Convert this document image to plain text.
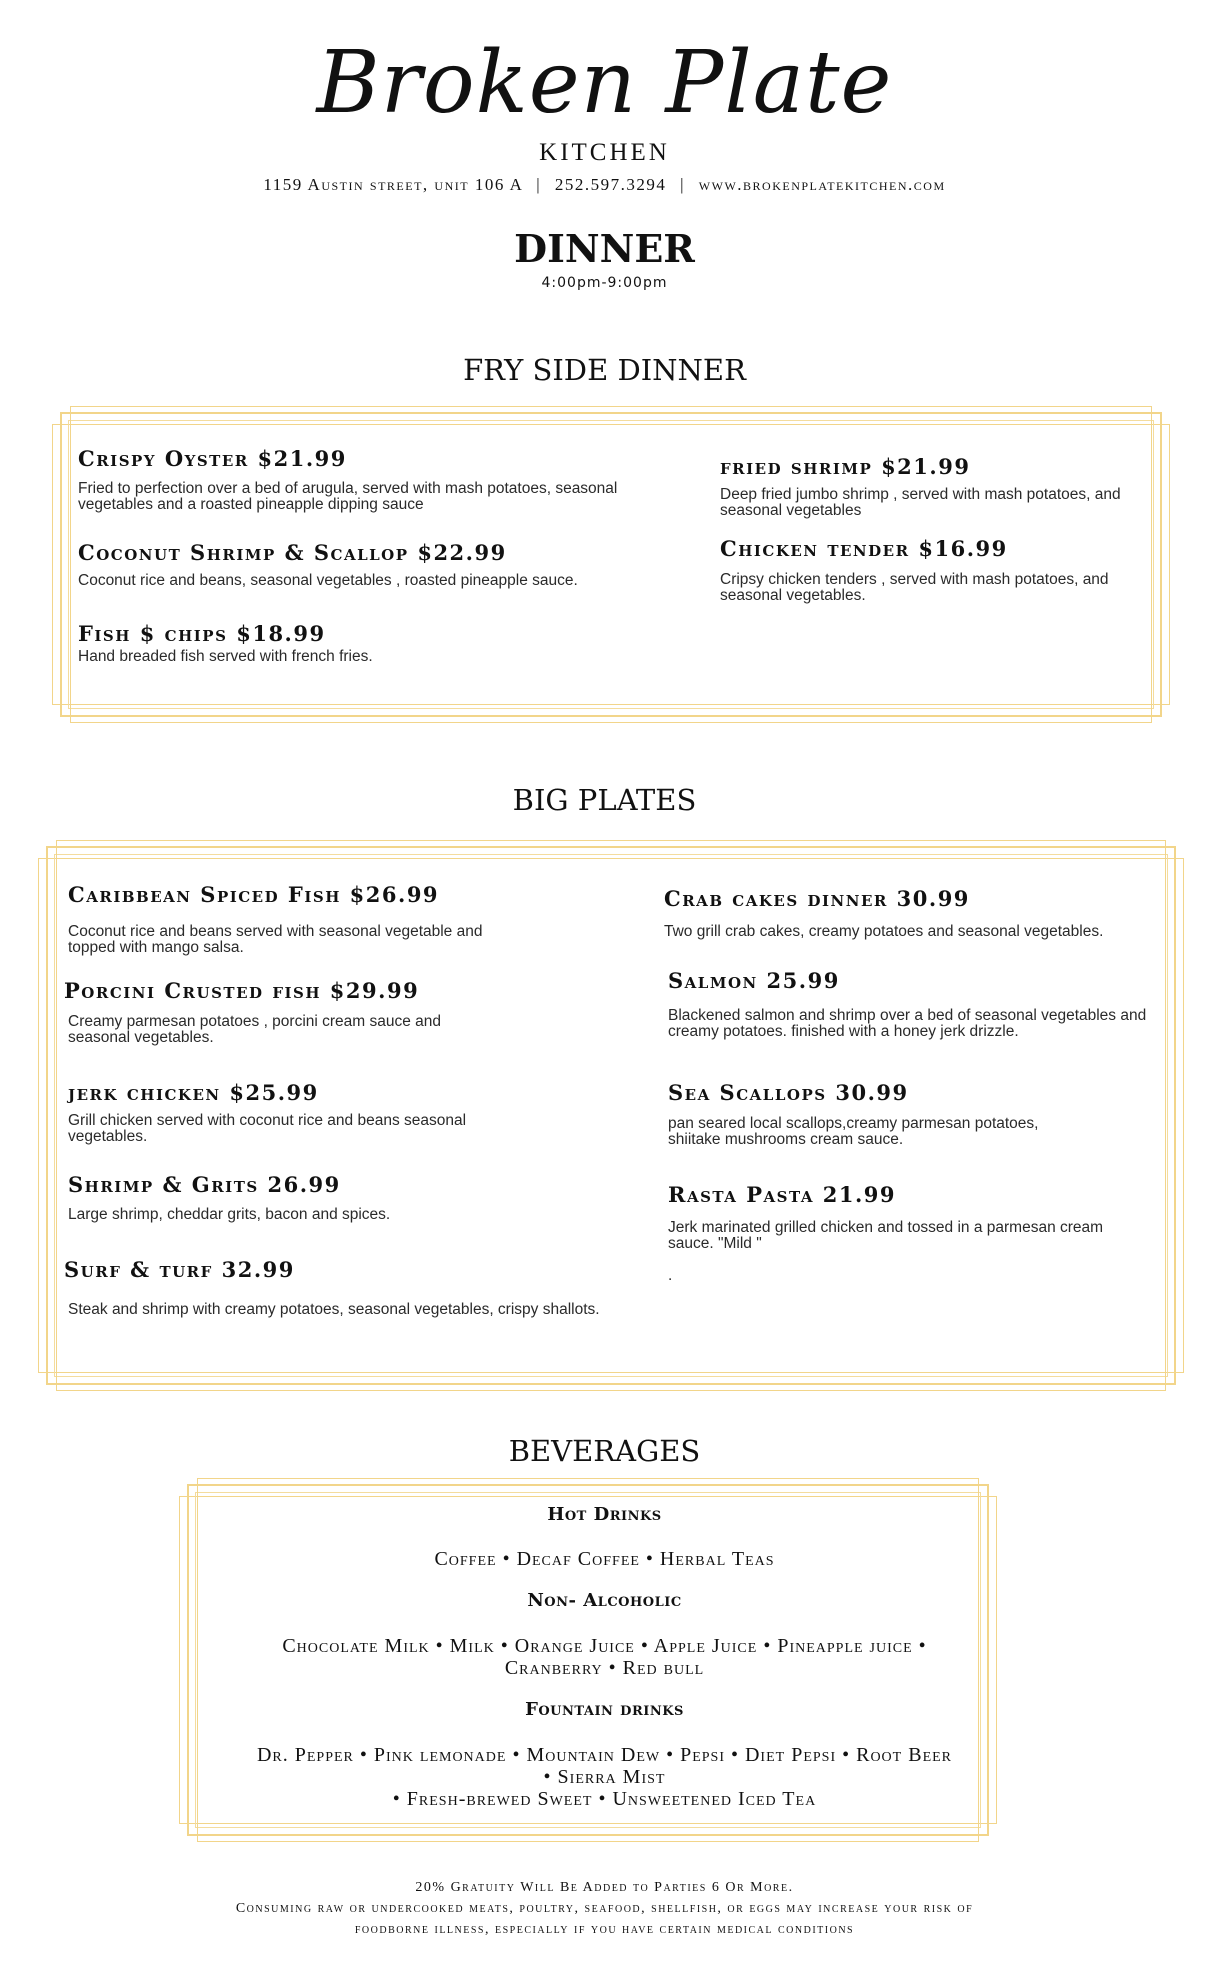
Broken Plate
KITCHEN
1159 Austin street, unit 106 A | 252.597.3294 | www.brokenplatekitchen.com
DINNER
4:00pm-9:00pm
FRY SIDE DINNER
Crispy Oyster $21.99
Fried to perfection over a bed of arugula, served with mash potatoes, seasonal vegetables and a roasted pineapple dipping sauce
Coconut Shrimp & Scallop $22.99
Coconut rice and beans, seasonal vegetables , roasted pineapple sauce.
Fish $ chips $18.99
Hand breaded fish served with french fries.
fried shrimp $21.99
Deep fried jumbo shrimp , served with mash potatoes, and seasonal vegetables
Chicken tender $16.99
Cripsy chicken tenders , served with mash potatoes, and seasonal vegetables.
BIG PLATES
Caribbean Spiced Fish $26.99
Coconut rice and beans served with seasonal vegetable and topped with mango salsa.
Porcini Crusted fish $29.99
Creamy parmesan potatoes , porcini cream sauce and seasonal vegetables.
jerk chicken $25.99
Grill chicken served with coconut rice and beans seasonal vegetables.
Shrimp & Grits 26.99
Large shrimp, cheddar grits, bacon and spices.
Surf & turf 32.99
Steak and shrimp with creamy potatoes, seasonal vegetables, crispy shallots.
Crab cakes dinner 30.99
Two grill crab cakes, creamy potatoes and seasonal vegetables.
Salmon 25.99
Blackened salmon and shrimp over a bed of seasonal vegetables and creamy potatoes. finished with a honey jerk drizzle.
Sea Scallops 30.99
pan seared local scallops,creamy parmesan potatoes, shiitake mushrooms cream sauce.
Rasta Pasta 21.99
Jerk marinated grilled chicken and tossed in a parmesan cream sauce. "Mild "
.
BEVERAGES
Hot Drinks
Coffee • Decaf Coffee • Herbal Teas
Non- Alcoholic
Chocolate Milk • Milk • Orange Juice • Apple Juice • Pineapple juice •
Cranberry • Red bull
Fountain drinks
Dr. Pepper • Pink lemonade • Mountain Dew • Pepsi • Diet Pepsi • Root Beer
• Sierra Mist
• Fresh-brewed Sweet • Unsweetened Iced Tea
20% Gratuity Will Be Added to Parties 6 Or More.
Consuming raw or undercooked meats, poultry, seafood, shellfish, or eggs may increase your risk of
foodborne illness, especially if you have certain medical conditions
